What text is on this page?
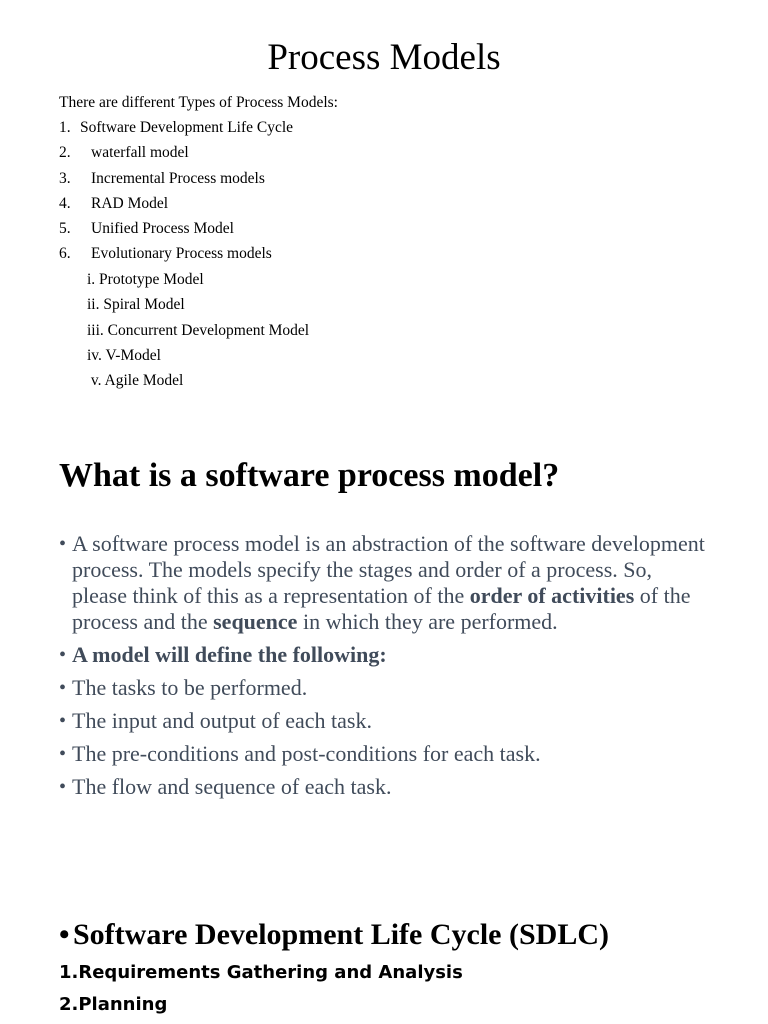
Process Models
There are different Types of Process Models:
1. Software Development Life Cycle
2.	waterfall model
3.	Incremental Process models
4.	RAD Model
5.	Unified Process Model
6.	Evolutionary Process models
i. Prototype Model
ii. Spiral Model
iii. Concurrent Development Model
iv. V-Model
v. Agile Model
What is a software process model?
• A software process model is an abstraction of the software development process. The models specify the stages and order of a process. So, please think of this as a representation of the order of activities of the process and the sequence in which they are performed.
• A model will define the following:
• The tasks to be performed.
• The input and output of each task.
• The pre-conditions and post-conditions for each task.
• The flow and sequence of each task.
• Software Development Life Cycle (SDLC)
1.Requirements Gathering and Analysis
2.Planning
